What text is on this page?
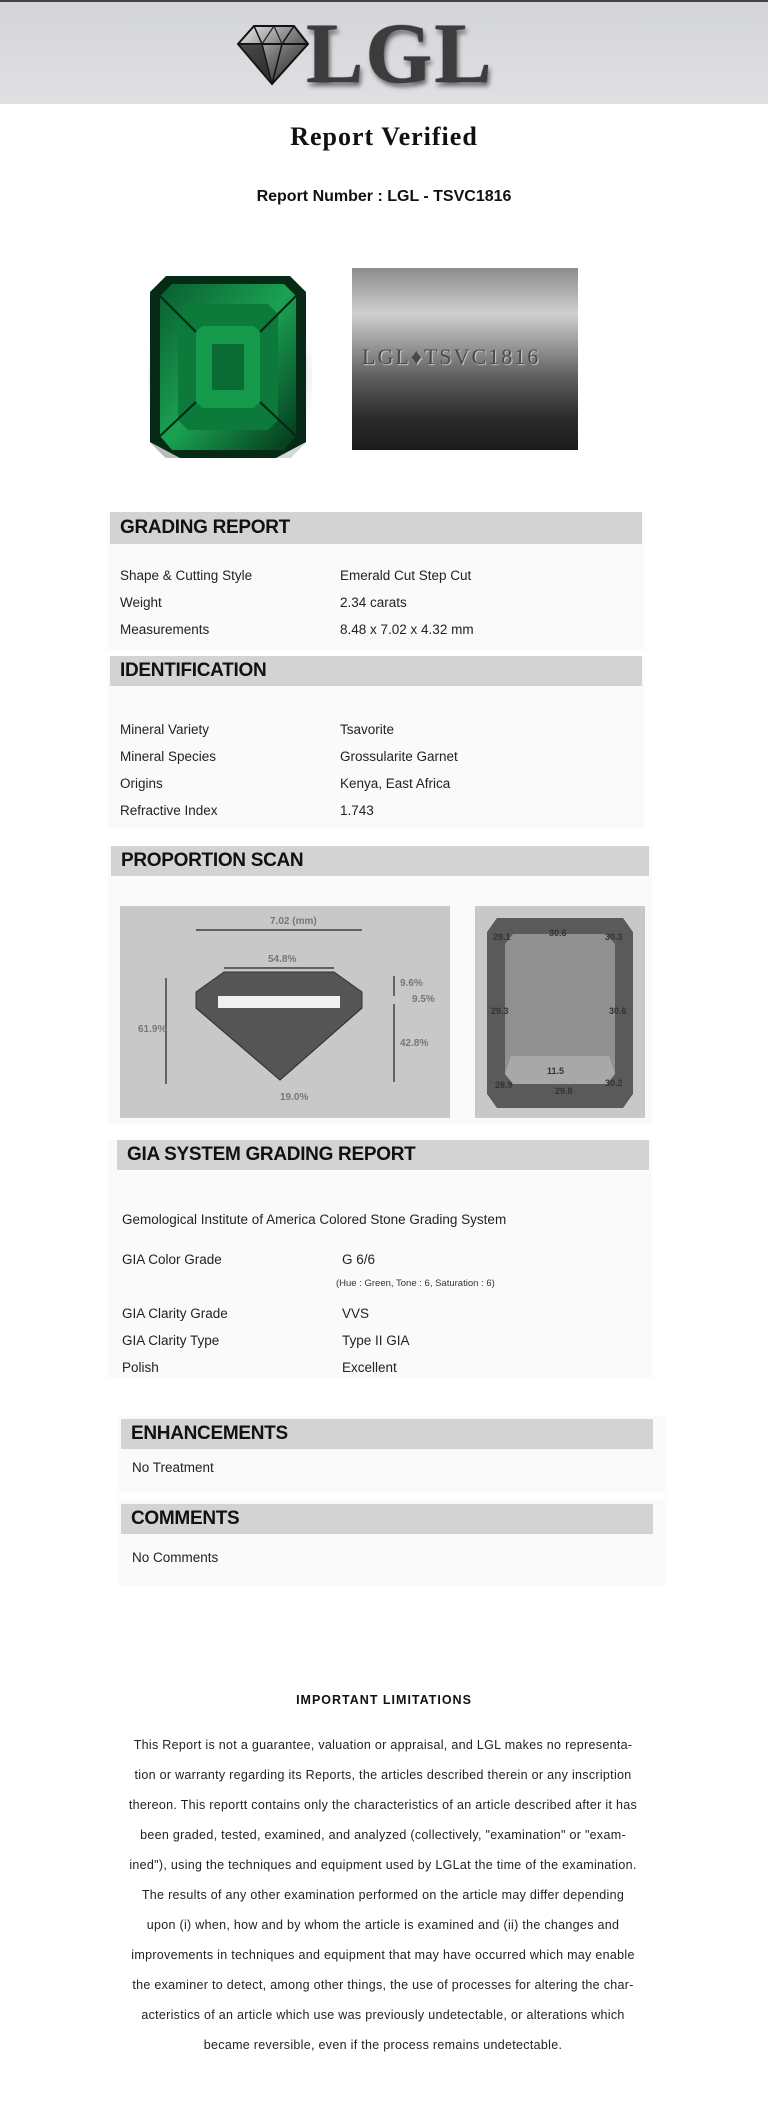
LGL
Report Verified
Report Number : LGL - TSVC1816
LGL♦TSVC1816
GRADING REPORT
Shape & Cutting Style	Emerald Cut Step Cut
Weight	2.34 carats
Measurements	8.48 x 7.02 x 4.32 mm
IDENTIFICATION
Mineral Variety	Tsavorite
Mineral Species	Grossularite Garnet
Origins	Kenya, East Africa
Refractive Index	1.743
PROPORTION SCAN
7.02 (mm)
54.8%
61.9%
9.6%
9.5%
42.8%
19.0%
29.1	30.6	30.3
29.3	30.6
11.5
28.9
29.8
30.2
GIA SYSTEM GRADING REPORT
Gemological Institute of America Colored Stone Grading System
GIA Color Grade	G 6/6
(Hue : Green, Tone : 6, Saturation : 6)
GIA Clarity Grade	VVS
GIA Clarity Type	Type II GIA
Polish	Excellent
ENHANCEMENTS
No Treatment
COMMENTS
No Comments
IMPORTANT LIMITATIONS
This Report is not a guarantee, valuation or appraisal, and LGL makes no representa-
tion or warranty regarding its Reports, the articles described therein or any inscription
thereon. This reportt contains only the characteristics of an article described after it has
been graded, tested, examined, and analyzed (collectively, "examination" or "exam-
ined"), using the techniques and equipment used by LGLat the time of the examination.
The results of any other examination performed on the article may differ depending
upon (i) when, how and by whom the article is examined and (ii) the changes and
improvements in techniques and equipment that may have occurred which may enable
the examiner to detect, among other things, the use of processes for altering the char-
acteristics of an article which use was previously undetectable, or alterations which
became reversible, even if the process remains undetectable.
